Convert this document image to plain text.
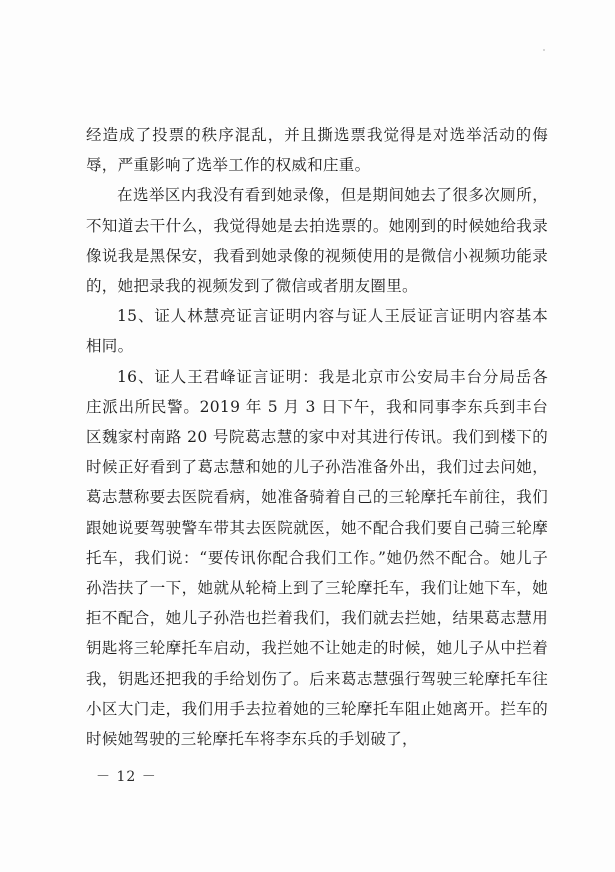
经造成了投票的秩序混乱，并且撕选票我觉得是对选举活动的侮辱，严重影响了选举工作的权威和庄重。

在选举区内我没有看到她录像，但是期间她去了很多次厕所，不知道去干什么，我觉得她是去拍选票的。她刚到的时候她给我录像说我是黑保安，我看到她录像的视频使用的是微信小视频功能录的，她把录我的视频发到了微信或者朋友圈里。

15、证人林慧亮证言证明内容与证人王辰证言证明内容基本相同。

16、证人王君峰证言证明：我是北京市公安局丰台分局岳各庄派出所民警。2019 年 5 月 3 日下午，我和同事李东兵到丰台区魏家村南路 20 号院葛志慧的家中对其进行传讯。我们到楼下的时候正好看到了葛志慧和她的儿子孙浩准备外出，我们过去问她，葛志慧称要去医院看病，她准备骑着自己的三轮摩托车前往，我们跟她说要驾驶警车带其去医院就医，她不配合我们要自己骑三轮摩托车，我们说：“要传讯你配合我们工作。”她仍然不配合。她儿子孙浩扶了一下，她就从轮椅上到了三轮摩托车，我们让她下车，她拒不配合，她儿子孙浩也拦着我们，我们就去拦她，结果葛志慧用钥匙将三轮摩托车启动，我拦她不让她走的时候，她儿子从中拦着我，钥匙还把我的手给划伤了。后来葛志慧强行驾驶三轮摩托车往小区大门走，我们用手去拉着她的三轮摩托车阻止她离开。拦车的时候她驾驶的三轮摩托车将李东兵的手划破了，

－ 12 －
